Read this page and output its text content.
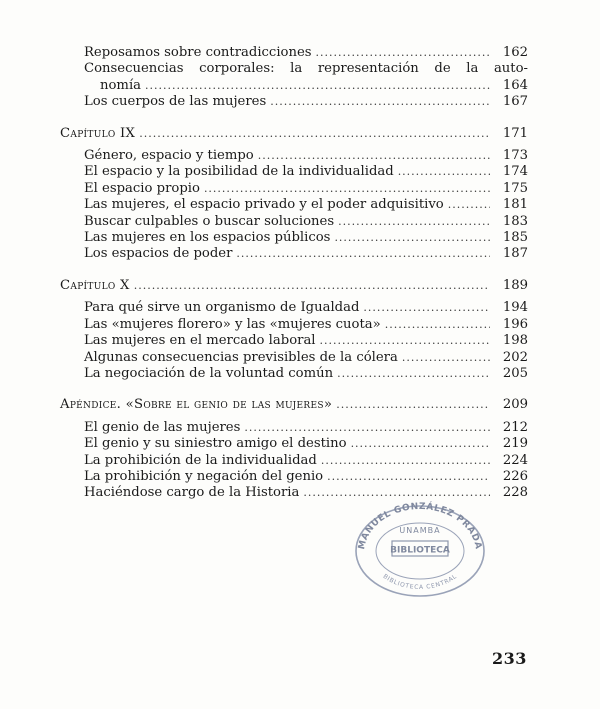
Reposamos sobre contradicciones .....	162
Consecuencias corporales: la representación de la auto-
nomía .....	164
Los cuerpos de las mujeres .....	167
Capítulo IX .....	171
Género, espacio y tiempo .....	173
El espacio y la posibilidad de la individualidad .....	174
El espacio propio .....	175
Las mujeres, el espacio privado y el poder adquisitivo .....	181
Buscar culpables o buscar soluciones .....	183
Las mujeres en los espacios públicos .....	185
Los espacios de poder .....	187
Capítulo X .....	189
Para qué sirve un organismo de Igualdad .....	194
Las «mujeres florero» y las «mujeres cuota» .....	196
Las mujeres en el mercado laboral .....	198
Algunas consecuencias previsibles de la cólera .....	202
La negociación de la voluntad común .....	205
Apéndice. «Sobre el genio de las mujeres» .....	209
El genio de las mujeres .....	212
El genio y su siniestro amigo el destino .....	219
La prohibición de la individualidad .....	224
La prohibición y negación del genio .....	226
Haciéndose cargo de la Historia .....	228
MANUEL GONZÁLEZ PRADA
UNAMBA
BIBLIOTECA
BIBLIOTECA CENTRAL
233
